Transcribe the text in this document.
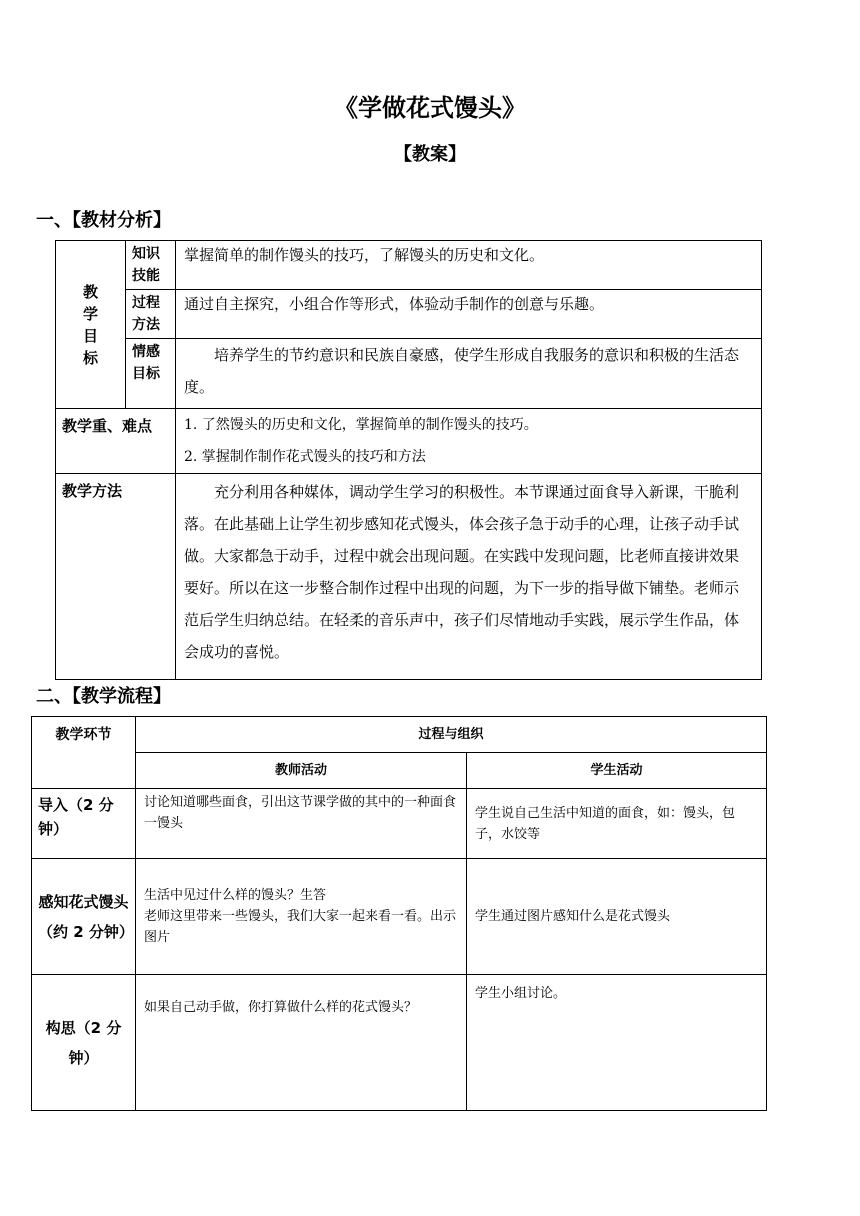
《学做花式馒头》
【教案】
一、【教材分析】
教学目标	知识技能	掌握简单的制作馒头的技巧，了解馒头的历史和文化。
	过程方法	通过自主探究，小组合作等形式，体验动手制作的创意与乐趣。
	情感目标	培养学生的节约意识和民族自豪感，使学生形成自我服务的意识和积极的生活态度。
教学重、难点		1. 了然馒头的历史和文化，掌握简单的制作馒头的技巧。
2. 掌握制作制作花式馒头的技巧和方法

教学方法		充分利用各种媒体，调动学生学习的积极性。本节课通过面食导入新课，干脆利落。在此基础上让学生初步感知花式馒头，体会孩子急于动手的心理，让孩子动手试做。大家都急于动手，过程中就会出现问题。在实践中发现问题，比老师直接讲效果要好。所以在这一步整合制作过程中出现的问题，为下一步的指导做下铺垫。老师示范后学生归纳总结。在轻柔的音乐声中，孩子们尽情地动手实践，展示学生作品，体会成功的喜悦。
二、【教学流程】
教学环节	过程与组织	
	教师活动	学生活动
导入（2 分钟）	讨论知道哪些面食，引出这节课学做的其中的一种面食一馒头	学生说自己生活中知道的面食，如：馒头，包子，水饺等
感知花式馒头（约 2 分钟）	生活中见过什么样的馒头？生答
老师这里带来一些馒头，我们大家一起来看一看。出示图片	学生通过图片感知什么是花式馒头
构思（2 分钟）	如果自己动手做，你打算做什么样的花式馒头？	学生小组讨论。
